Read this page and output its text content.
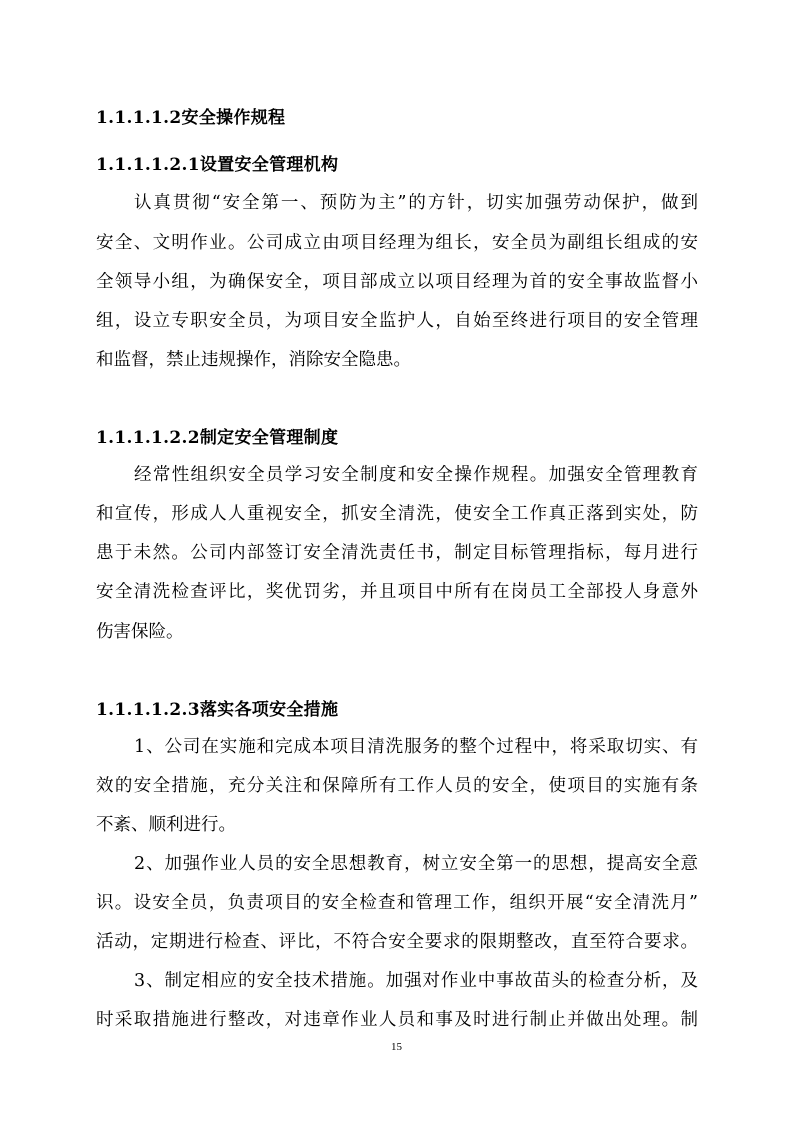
1.1.1.1.2安全操作规程
1.1.1.1.2.1设置安全管理机构
认真贯彻“安全第一、预防为主”的方针，切实加强劳动保护，做到
安全、文明作业。公司成立由项目经理为组长，安全员为副组长组成的安
全领导小组，为确保安全，项目部成立以项目经理为首的安全事故监督小
组，设立专职安全员，为项目安全监护人，自始至终进行项目的安全管理
和监督，禁止违规操作，消除安全隐患。
1.1.1.1.2.2制定安全管理制度
经常性组织安全员学习安全制度和安全操作规程。加强安全管理教育
和宣传，形成人人重视安全，抓安全清洗，使安全工作真正落到实处，防
患于未然。公司内部签订安全清洗责任书，制定目标管理指标，每月进行
安全清洗检查评比，奖优罚劣，并且项目中所有在岗员工全部投人身意外
伤害保险。
1.1.1.1.2.3落实各项安全措施
1、公司在实施和完成本项目清洗服务的整个过程中，将采取切实、有
效的安全措施，充分关注和保障所有工作人员的安全，使项目的实施有条
不紊、顺利进行。
2、加强作业人员的安全思想教育，树立安全第一的思想，提高安全意
识。设安全员，负责项目的安全检查和管理工作，组织开展“安全清洗月”
活动，定期进行检查、评比，不符合安全要求的限期整改，直至符合要求。
3、制定相应的安全技术措施。加强对作业中事故苗头的检查分析，及
时采取措施进行整改，对违章作业人员和事及时进行制止并做出处理。制
15
